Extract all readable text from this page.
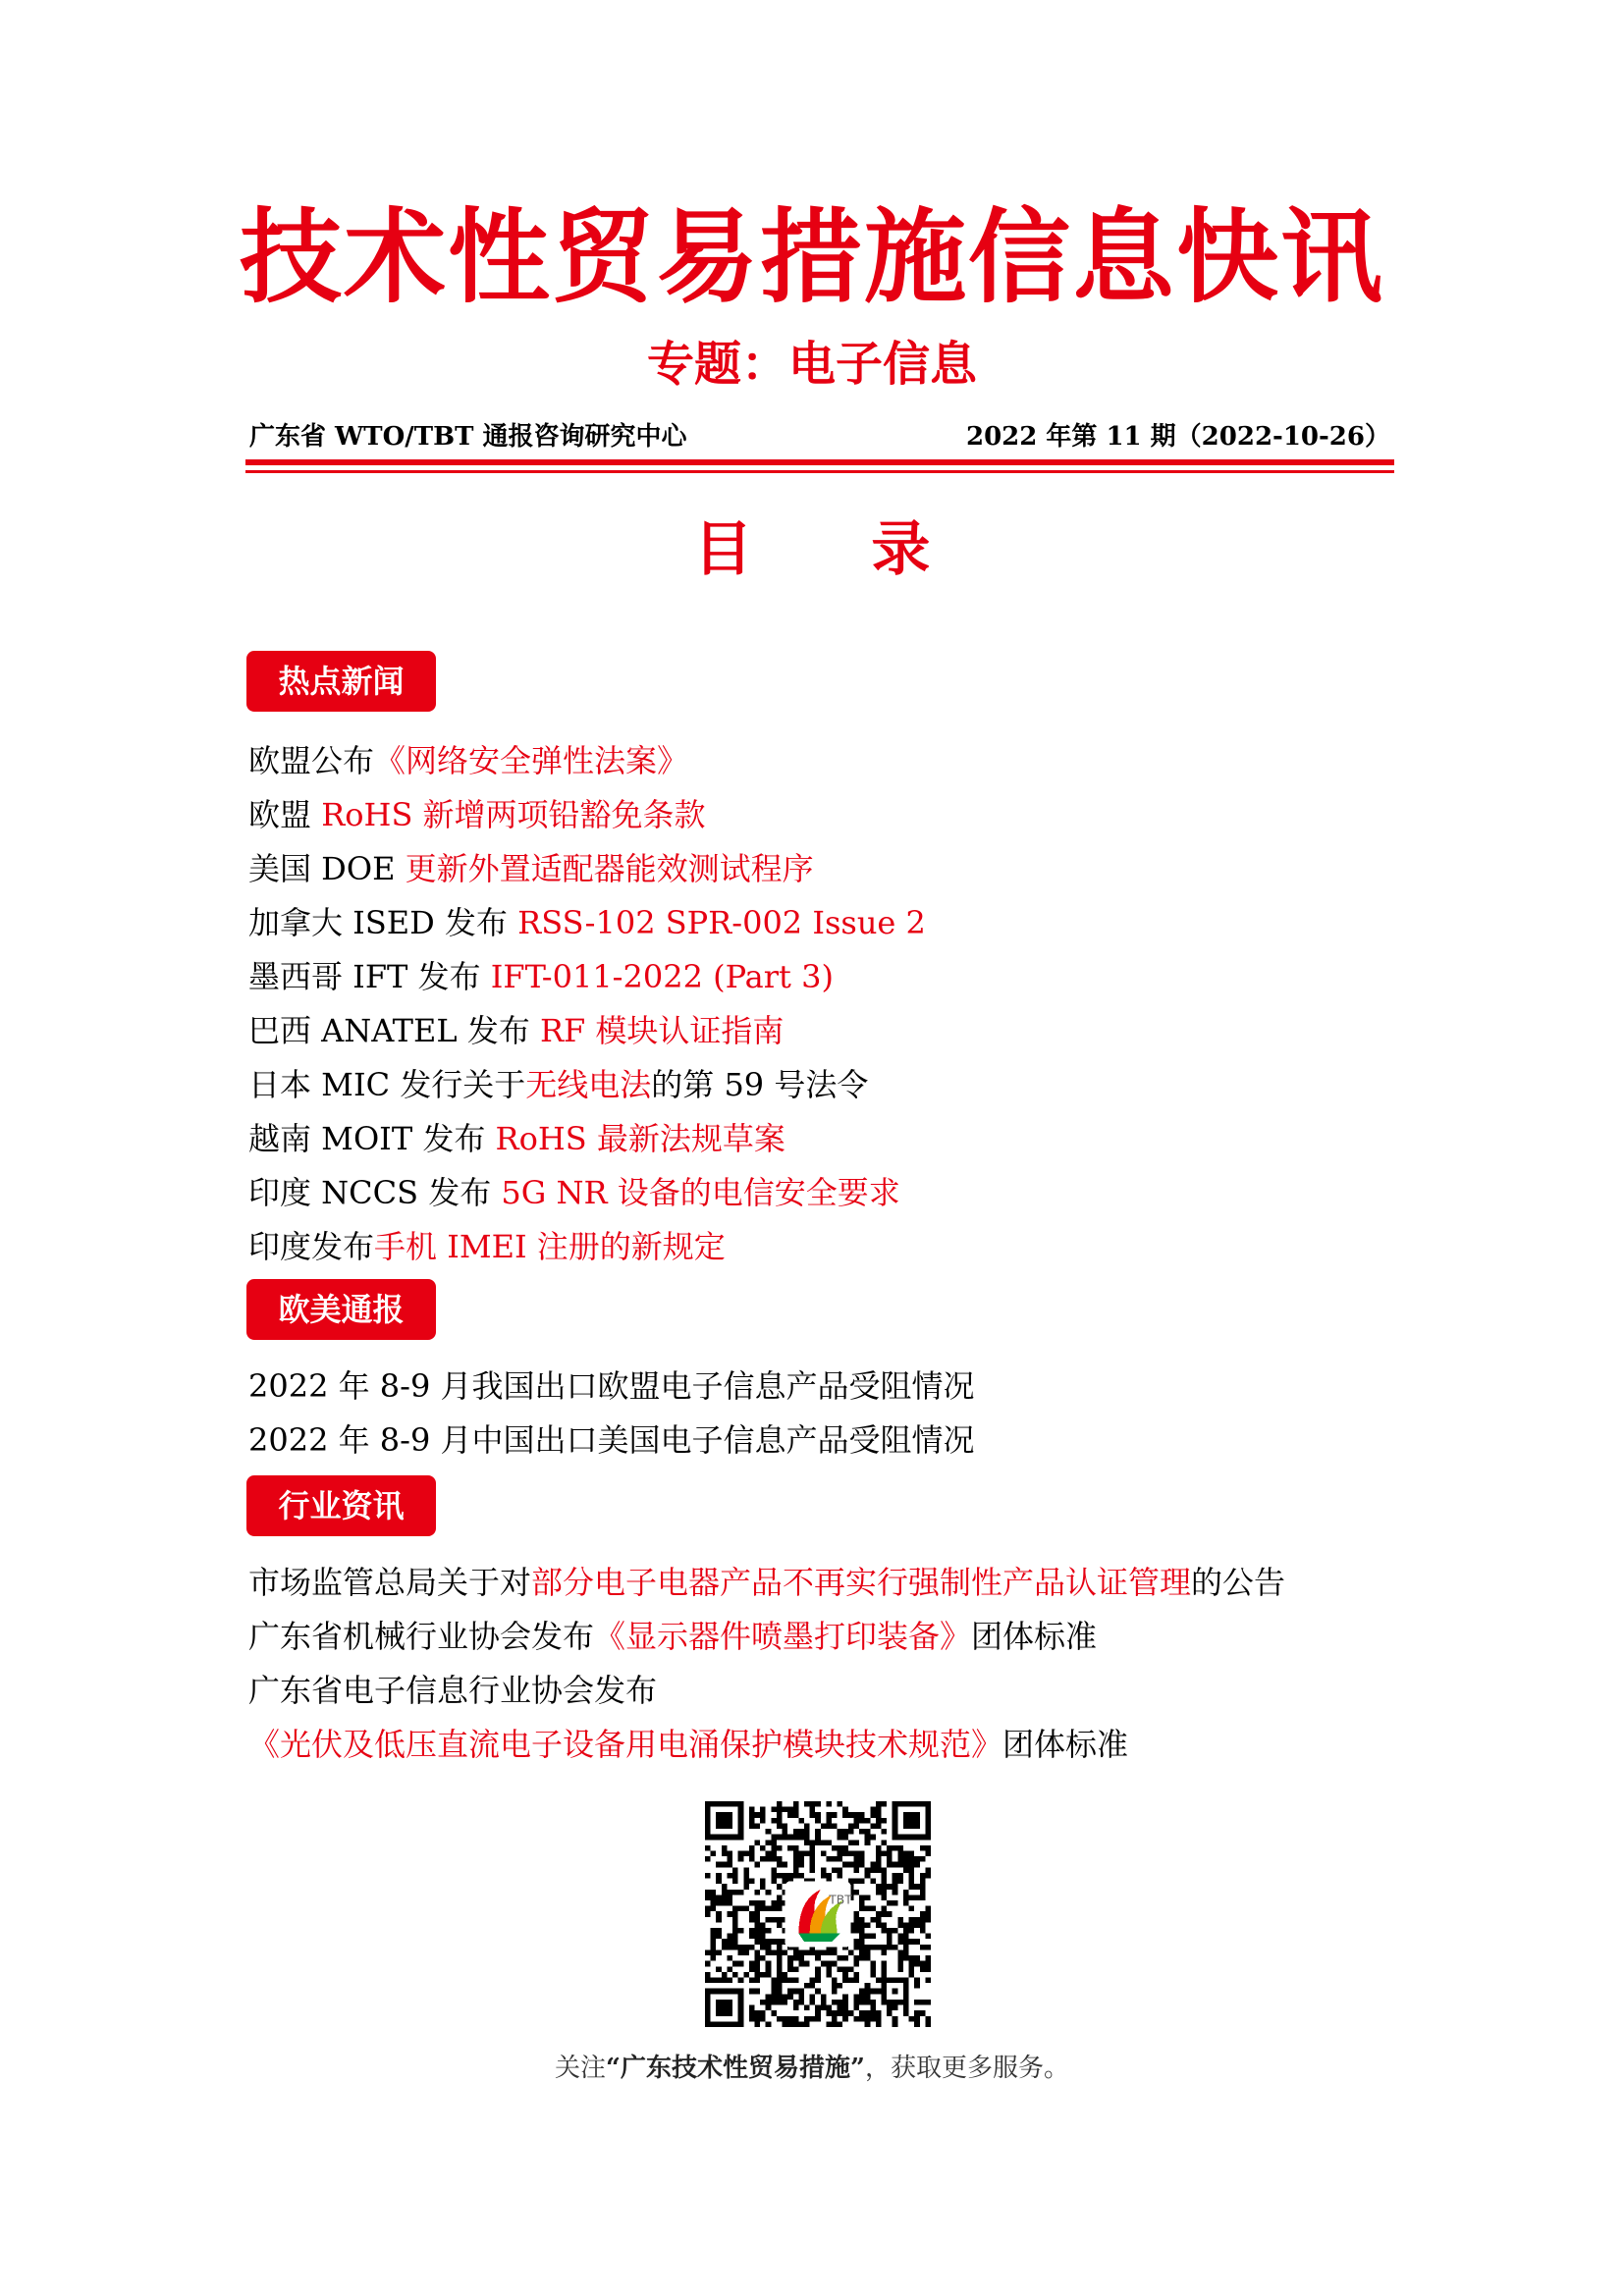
技术性贸易措施信息快讯
专题：电子信息
广东省 WTO/TBT 通报咨询研究中心	2022 年第 11 期（2022-10-26）
目 录
热点新闻
欧盟公布《网络安全弹性法案》
欧盟 RoHS 新增两项铅豁免条款
美国 DOE 更新外置适配器能效测试程序
加拿大 ISED 发布 RSS-102 SPR-002 Issue 2
墨西哥 IFT 发布 IFT-011-2022 (Part 3)
巴西 ANATEL 发布 RF 模块认证指南
日本 MIC 发行关于无线电法的第 59 号法令
越南 MOIT 发布 RoHS 最新法规草案
印度 NCCS 发布 5G NR 设备的电信安全要求
印度发布手机 IMEI 注册的新规定
欧美通报
2022 年 8-9 月我国出口欧盟电子信息产品受阻情况
2022 年 8-9 月中国出口美国电子信息产品受阻情况
行业资讯
市场监管总局关于对部分电子电器产品不再实行强制性产品认证管理的公告
广东省机械行业协会发布《显示器件喷墨打印装备》团体标准
广东省电子信息行业协会发布《光伏及低压直流电子设备用电涌保护模块技术规范》团体标准
TBT
关注“广东技术性贸易措施”，获取更多服务。
